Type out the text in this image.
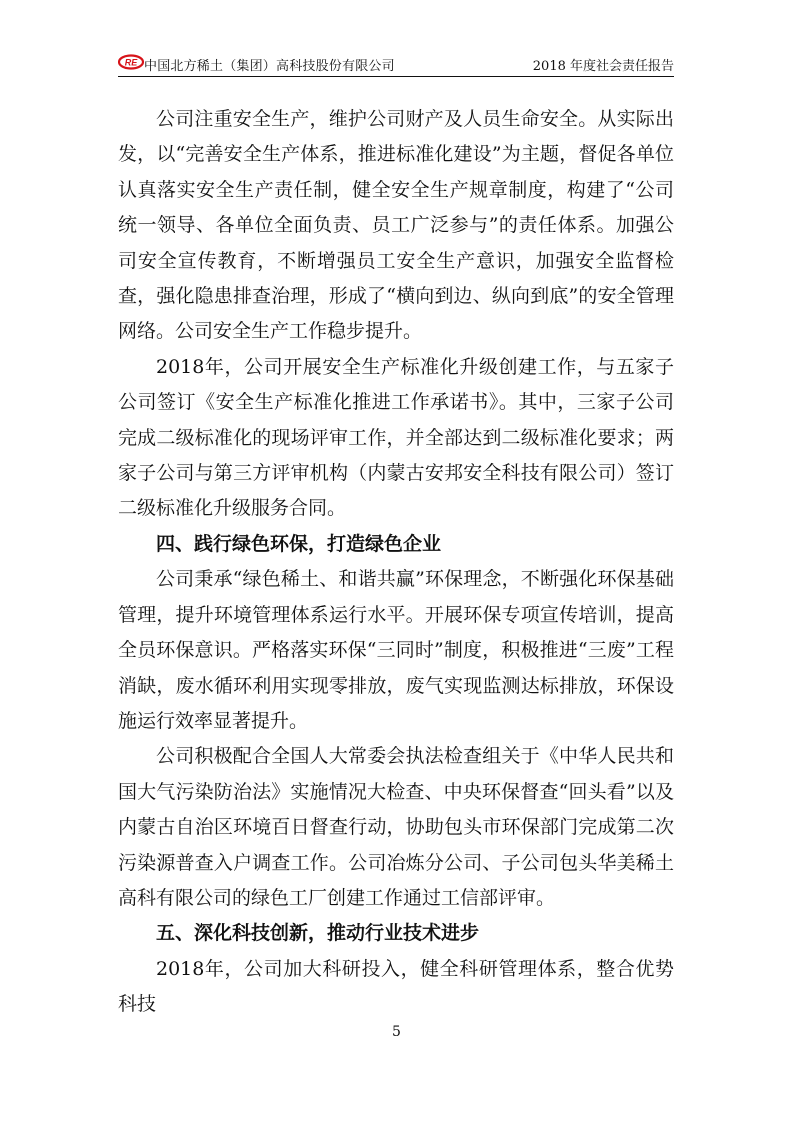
RE 中国北方稀土（集团）高科技股份有限公司	2018 年度社会责任报告

公司注重安全生产，维护公司财产及人员生命安全。从实际出发，以“完善安全生产体系，推进标准化建设”为主题，督促各单位认真落实安全生产责任制，健全安全生产规章制度，构建了“公司统一领导、各单位全面负责、员工广泛参与”的责任体系。加强公司安全宣传教育，不断增强员工安全生产意识，加强安全监督检查，强化隐患排查治理，形成了“横向到边、纵向到底”的安全管理网络。公司安全生产工作稳步提升。

2018年，公司开展安全生产标准化升级创建工作，与五家子公司签订《安全生产标准化推进工作承诺书》。其中，三家子公司完成二级标准化的现场评审工作，并全部达到二级标准化要求；两家子公司与第三方评审机构（内蒙古安邦安全科技有限公司）签订二级标准化升级服务合同。

四、践行绿色环保，打造绿色企业

公司秉承“绿色稀土、和谐共赢”环保理念，不断强化环保基础管理，提升环境管理体系运行水平。开展环保专项宣传培训，提高全员环保意识。严格落实环保“三同时”制度，积极推进“三废”工程消缺，废水循环利用实现零排放，废气实现监测达标排放，环保设施运行效率显著提升。

公司积极配合全国人大常委会执法检查组关于《中华人民共和国大气污染防治法》实施情况大检查、中央环保督查“回头看”以及内蒙古自治区环境百日督查行动，协助包头市环保部门完成第二次污染源普查入户调查工作。公司冶炼分公司、子公司包头华美稀土高科有限公司的绿色工厂创建工作通过工信部评审。

五、深化科技创新，推动行业技术进步

2018年，公司加大科研投入，健全科研管理体系，整合优势科技

5
